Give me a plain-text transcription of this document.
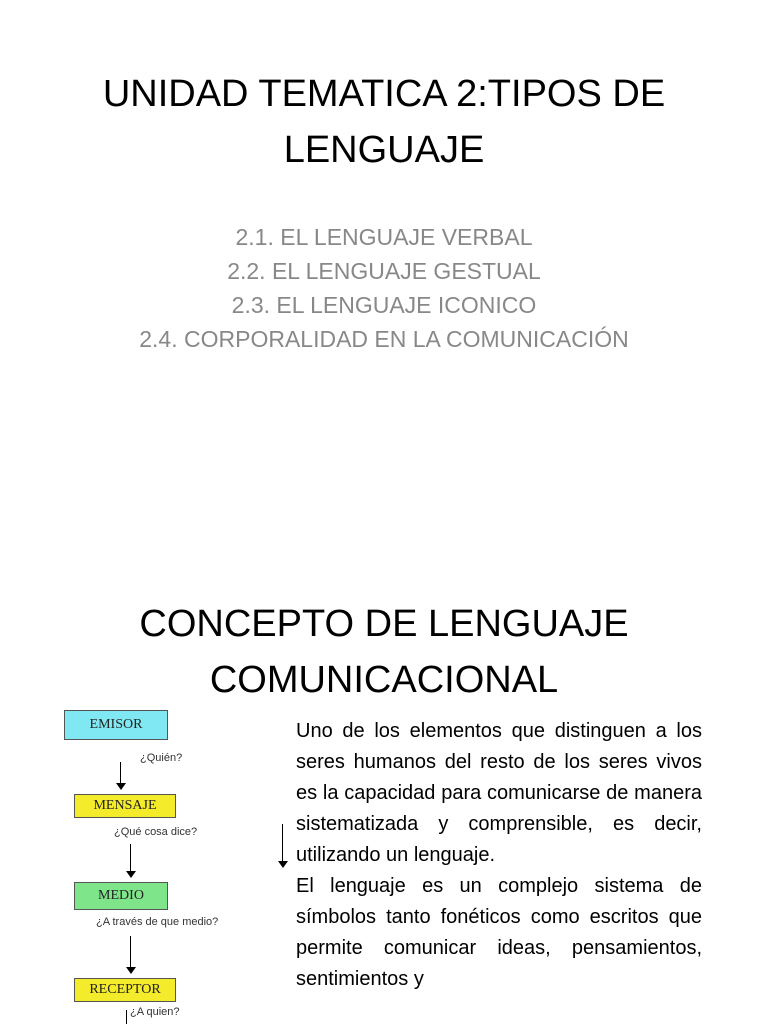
UNIDAD TEMATICA 2:TIPOS DE
LENGUAJE
2.1. EL LENGUAJE VERBAL
2.2. EL LENGUAJE GESTUAL
2.3. EL LENGUAJE ICONICO
2.4. CORPORALIDAD EN LA COMUNICACIÓN
CONCEPTO DE LENGUAJE
COMUNICACIONAL
EMISOR
¿Quién?
MENSAJE
¿Qué cosa dice?
MEDIO
¿A través de que medio?
RECEPTOR
¿A quien?

Uno de los elementos que distinguen a los seres humanos del resto de los seres vivos es la capacidad para comunicarse de manera sistematizada y comprensible, es decir, utilizando un lenguaje.

El lenguaje es un complejo sistema de símbolos tanto fonéticos como escritos que permite comunicar ideas, pensamientos, sentimientos y
